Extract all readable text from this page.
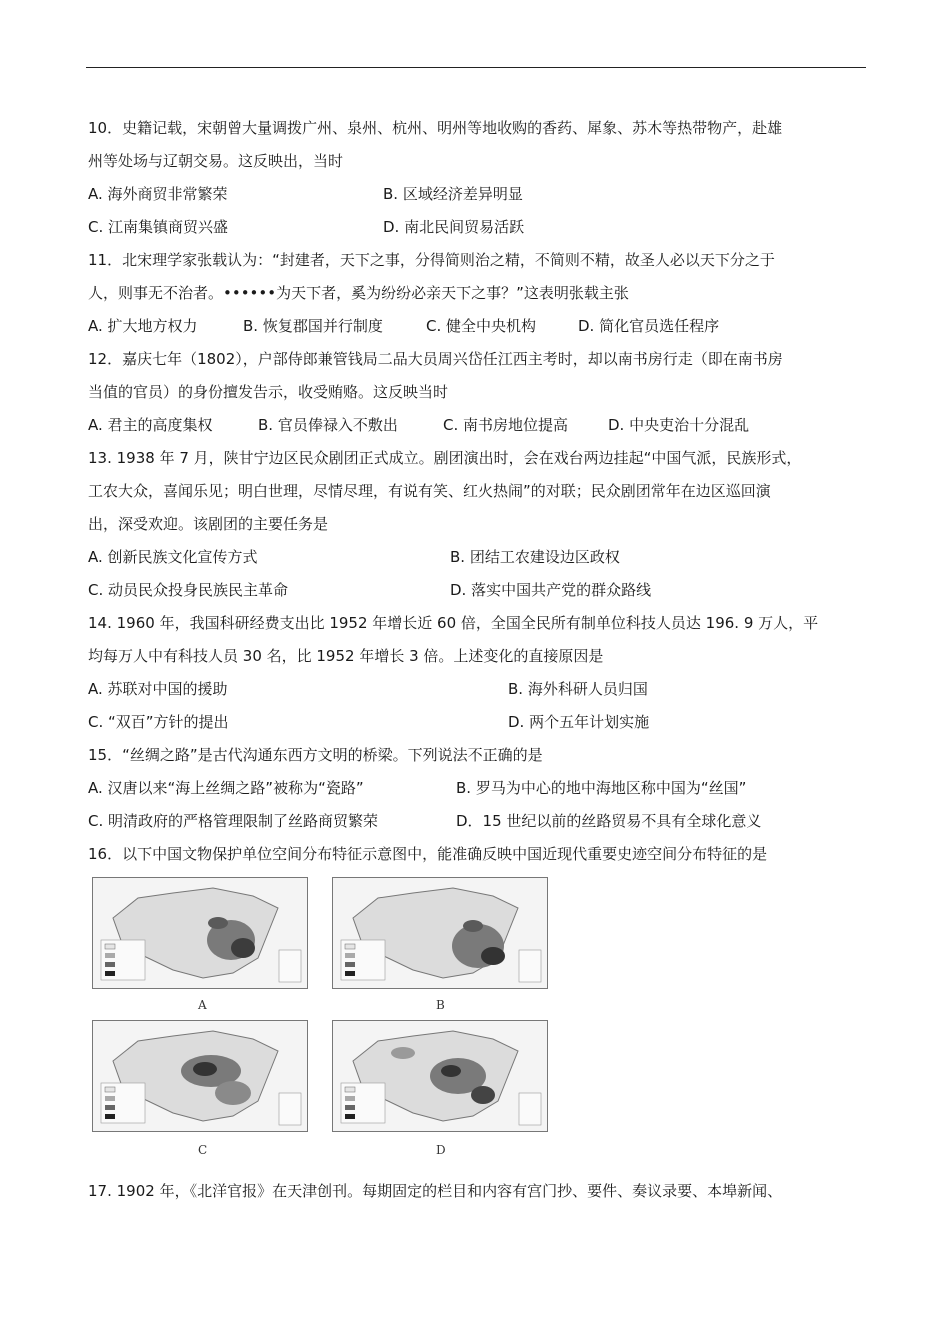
10．史籍记载，宋朝曾大量调拨广州、泉州、杭州、明州等地收购的香药、犀象、苏木等热带物产，赴雄
州等处场与辽朝交易。这反映出，当时
A. 海外商贸非常繁荣	B. 区域经济差异明显
C. 江南集镇商贸兴盛	D. 南北民间贸易活跃
11．北宋理学家张载认为：“封建者，天下之事，分得简则治之精，不简则不精，故圣人必以天下分之于
人，则事无不治者。••••••为天下者，奚为纷纷必亲天下之事？”这表明张载主张
A. 扩大地方权力	B. 恢复郡国并行制度	C. 健全中央机构	D. 简化官员选任程序
12．嘉庆七年（1802），户部侍郎兼管钱局二品大员周兴岱任江西主考时，却以南书房行走（即在南书房
当值的官员）的身份擅发告示，收受贿赂。这反映当时
A. 君主的高度集权	B. 官员俸禄入不敷出	C. 南书房地位提高	D. 中央吏治十分混乱
13. 1938 年 7 月，陕甘宁边区民众剧团正式成立。剧团演出时，会在戏台两边挂起“中国气派，民族形式，
工农大众，喜闻乐见；明白世理，尽情尽理，有说有笑、红火热闹”的对联；民众剧团常年在边区巡回演
出，深受欢迎。该剧团的主要任务是
A. 创新民族文化宣传方式	B. 团结工农建设边区政权
C. 动员民众投身民族民主革命	D. 落实中国共产党的群众路线
14. 1960 年，我国科研经费支出比 1952 年增长近 60 倍，全国全民所有制单位科技人员达 196. 9 万人，平
均每万人中有科技人员 30 名，比 1952 年增长 3 倍。上述变化的直接原因是
A. 苏联对中国的援助	B. 海外科研人员归国
C. “双百”方针的提出	D. 两个五年计划实施
15．“丝绸之路”是古代沟通东西方文明的桥梁。下列说法不正确的是
A. 汉唐以来“海上丝绸之路”被称为“瓷路”	B. 罗马为中心的地中海地区称中国为“丝国”
C. 明清政府的严格管理限制了丝路商贸繁荣	D．15 世纪以前的丝路贸易不具有全球化意义
16．以下中国文物保护单位空间分布特征示意图中，能准确反映中国近现代重要史迹空间分布特征的是
A	B
C	D
17. 1902 年，《北洋官报》在天津创刊。每期固定的栏目和内容有宫门抄、要件、奏议录要、本埠新闻、
